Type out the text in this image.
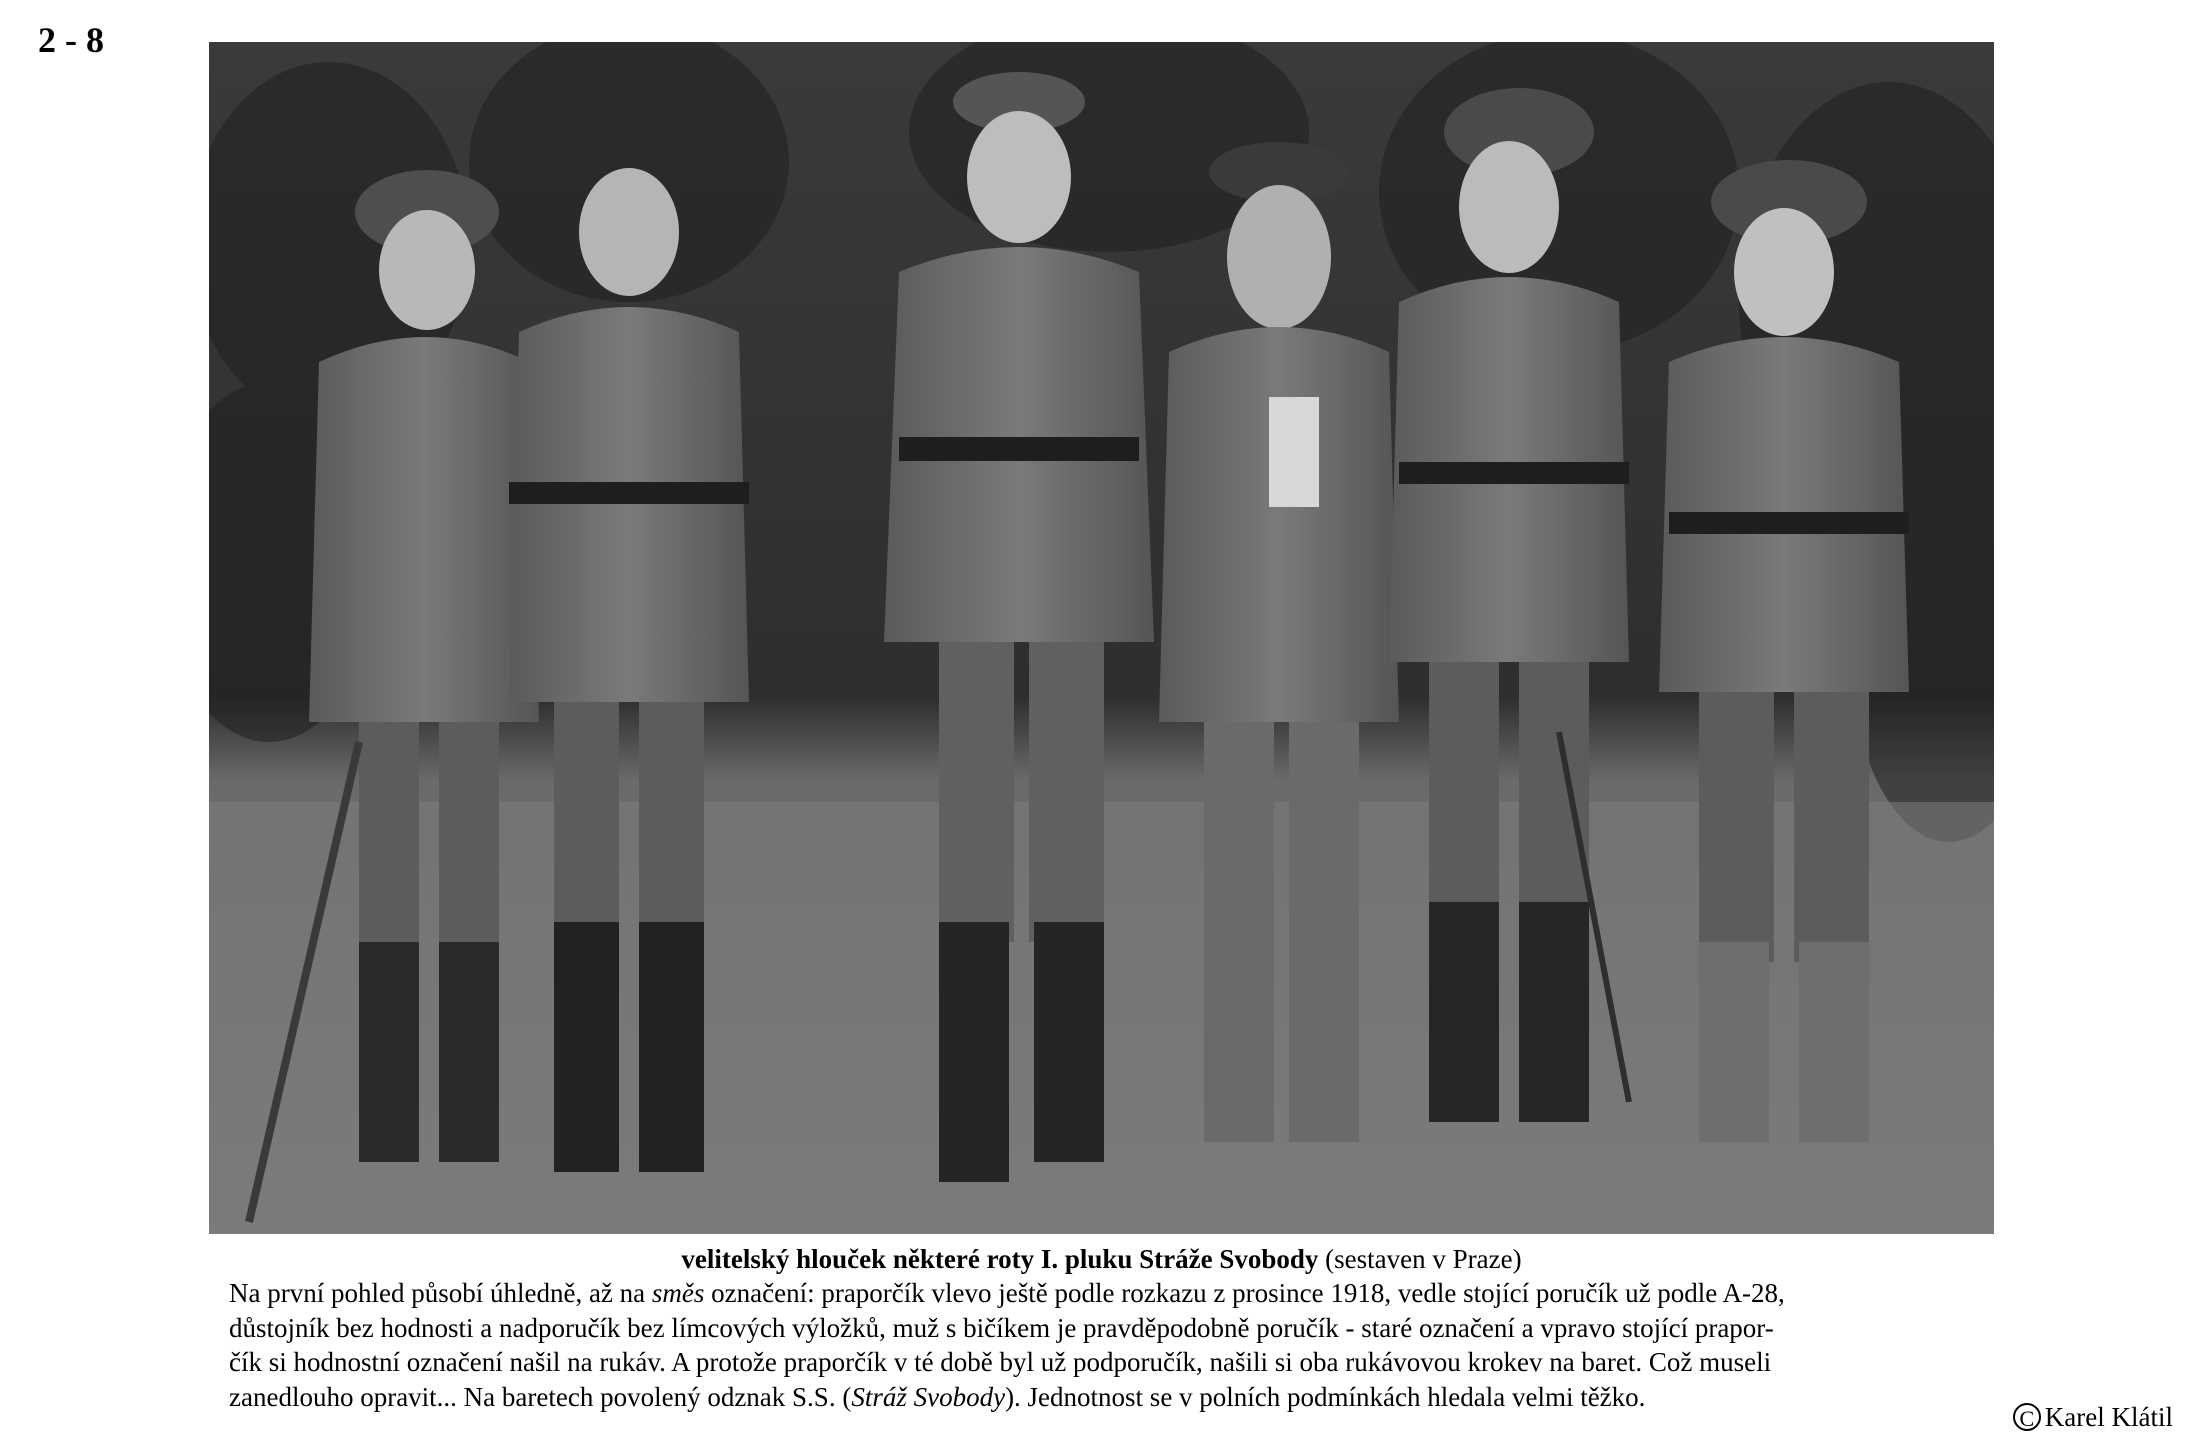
2 - 8
velitelský hlouček některé roty I. pluku Stráže Svobody (sestaven v Praze)
Na první pohled působí úhledně, až na směs označení: praporčík vlevo ještě podle rozkazu z prosince 1918, vedle stojící poručík už podle A-28,
důstojník bez hodnosti a nadporučík bez límcových výložků, muž s bičíkem je pravděpodobně poručík - staré označení a vpravo stojící prapor-
čík si hodnostní označení našil na rukáv. A protože praporčík v té době byl už podporučík, našili si oba rukávovou krokev na baret. Což museli
zanedlouho opravit... Na baretech povolený odznak S.S. (Stráž Svobody). Jednotnost se v polních podmínkách hledala velmi těžko.
C Karel Klátil
